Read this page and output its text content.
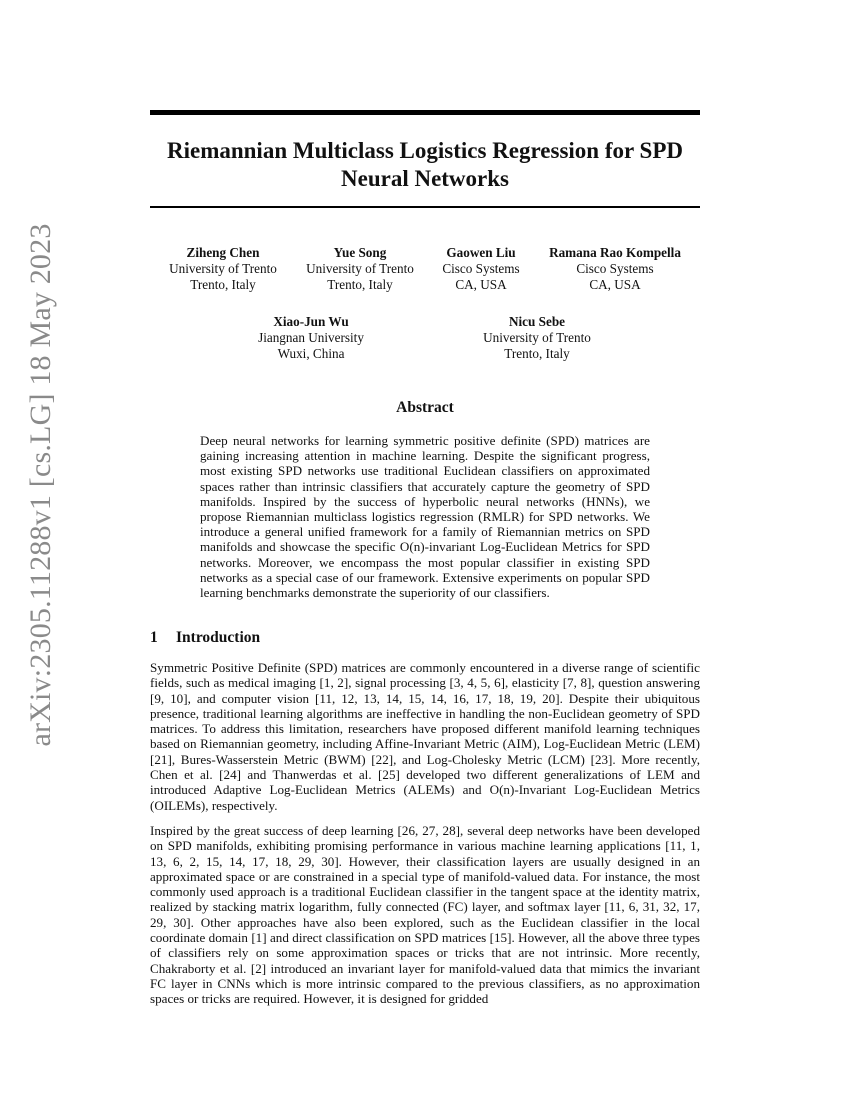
arXiv:2305.11288v1 [cs.LG] 18 May 2023
Riemannian Multiclass Logistics Regression for SPD
Neural Networks
Ziheng Chen
University of Trento
Trento, Italy
Yue Song
University of Trento
Trento, Italy
Gaowen Liu
Cisco Systems
CA, USA
Ramana Rao Kompella
Cisco Systems
CA, USA
Xiao-Jun Wu
Jiangnan University
Wuxi, China
Nicu Sebe
University of Trento
Trento, Italy
Abstract

Deep neural networks for learning symmetric positive definite (SPD) matrices are gaining increasing attention in machine learning. Despite the significant progress, most existing SPD networks use traditional Euclidean classifiers on approximated spaces rather than intrinsic classifiers that accurately capture the geometry of SPD manifolds. Inspired by the success of hyperbolic neural networks (HNNs), we propose Riemannian multiclass logistics regression (RMLR) for SPD networks. We introduce a general unified framework for a family of Riemannian metrics on SPD manifolds and showcase the specific O(n)-invariant Log-Euclidean Metrics for SPD networks. Moreover, we encompass the most popular classifier in existing SPD networks as a special case of our framework. Extensive experiments on popular SPD learning benchmarks demonstrate the superiority of our classifiers.

1 Introduction

Symmetric Positive Definite (SPD) matrices are commonly encountered in a diverse range of scientific fields, such as medical imaging [1, 2], signal processing [3, 4, 5, 6], elasticity [7, 8], question answering [9, 10], and computer vision [11, 12, 13, 14, 15, 14, 16, 17, 18, 19, 20]. Despite their ubiquitous presence, traditional learning algorithms are ineffective in handling the non-Euclidean geometry of SPD matrices. To address this limitation, researchers have proposed different manifold learning techniques based on Riemannian geometry, including Affine-Invariant Metric (AIM), Log-Euclidean Metric (LEM) [21], Bures-Wasserstein Metric (BWM) [22], and Log-Cholesky Metric (LCM) [23]. More recently, Chen et al. [24] and Thanwerdas et al. [25] developed two different generalizations of LEM and introduced Adaptive Log-Euclidean Metrics (ALEMs) and O(n)-Invariant Log-Euclidean Metrics (OILEMs), respectively.

Inspired by the great success of deep learning [26, 27, 28], several deep networks have been developed on SPD manifolds, exhibiting promising performance in various machine learning applications [11, 1, 13, 6, 2, 15, 14, 17, 18, 29, 30]. However, their classification layers are usually designed in an approximated space or are constrained in a special type of manifold-valued data. For instance, the most commonly used approach is a traditional Euclidean classifier in the tangent space at the identity matrix, realized by stacking matrix logarithm, fully connected (FC) layer, and softmax layer [11, 6, 31, 32, 17, 29, 30]. Other approaches have also been explored, such as the Euclidean classifier in the local coordinate domain [1] and direct classification on SPD matrices [15]. However, all the above three types of classifiers rely on some approximation spaces or tricks that are not intrinsic. More recently, Chakraborty et al. [2] introduced an invariant layer for manifold-valued data that mimics the invariant FC layer in CNNs which is more intrinsic compared to the previous classifiers, as no approximation spaces or tricks are required. However, it is designed for gridded
